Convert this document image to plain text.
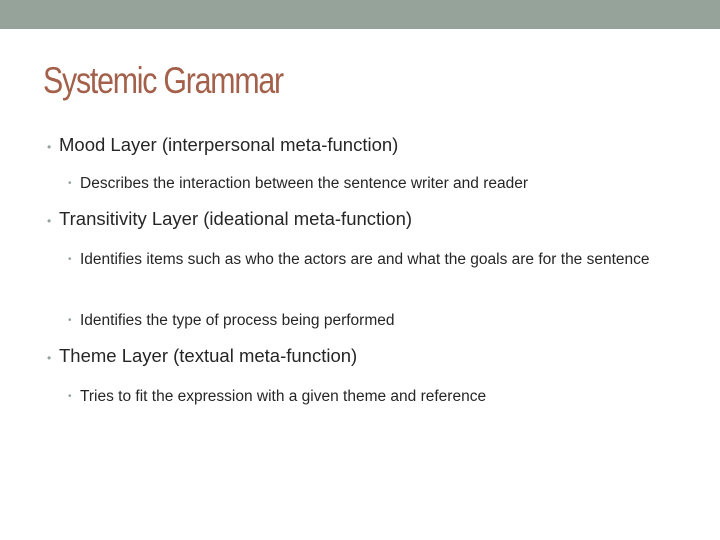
Systemic Grammar
• Mood Layer (interpersonal meta-function)
• Describes the interaction between the sentence writer and reader
• Transitivity Layer (ideational meta-function)
• Identifies items such as who the actors are and what the goals are for the sentence
• Identifies the type of process being performed
• Theme Layer (textual meta-function)
• Tries to fit the expression with a given theme and reference
